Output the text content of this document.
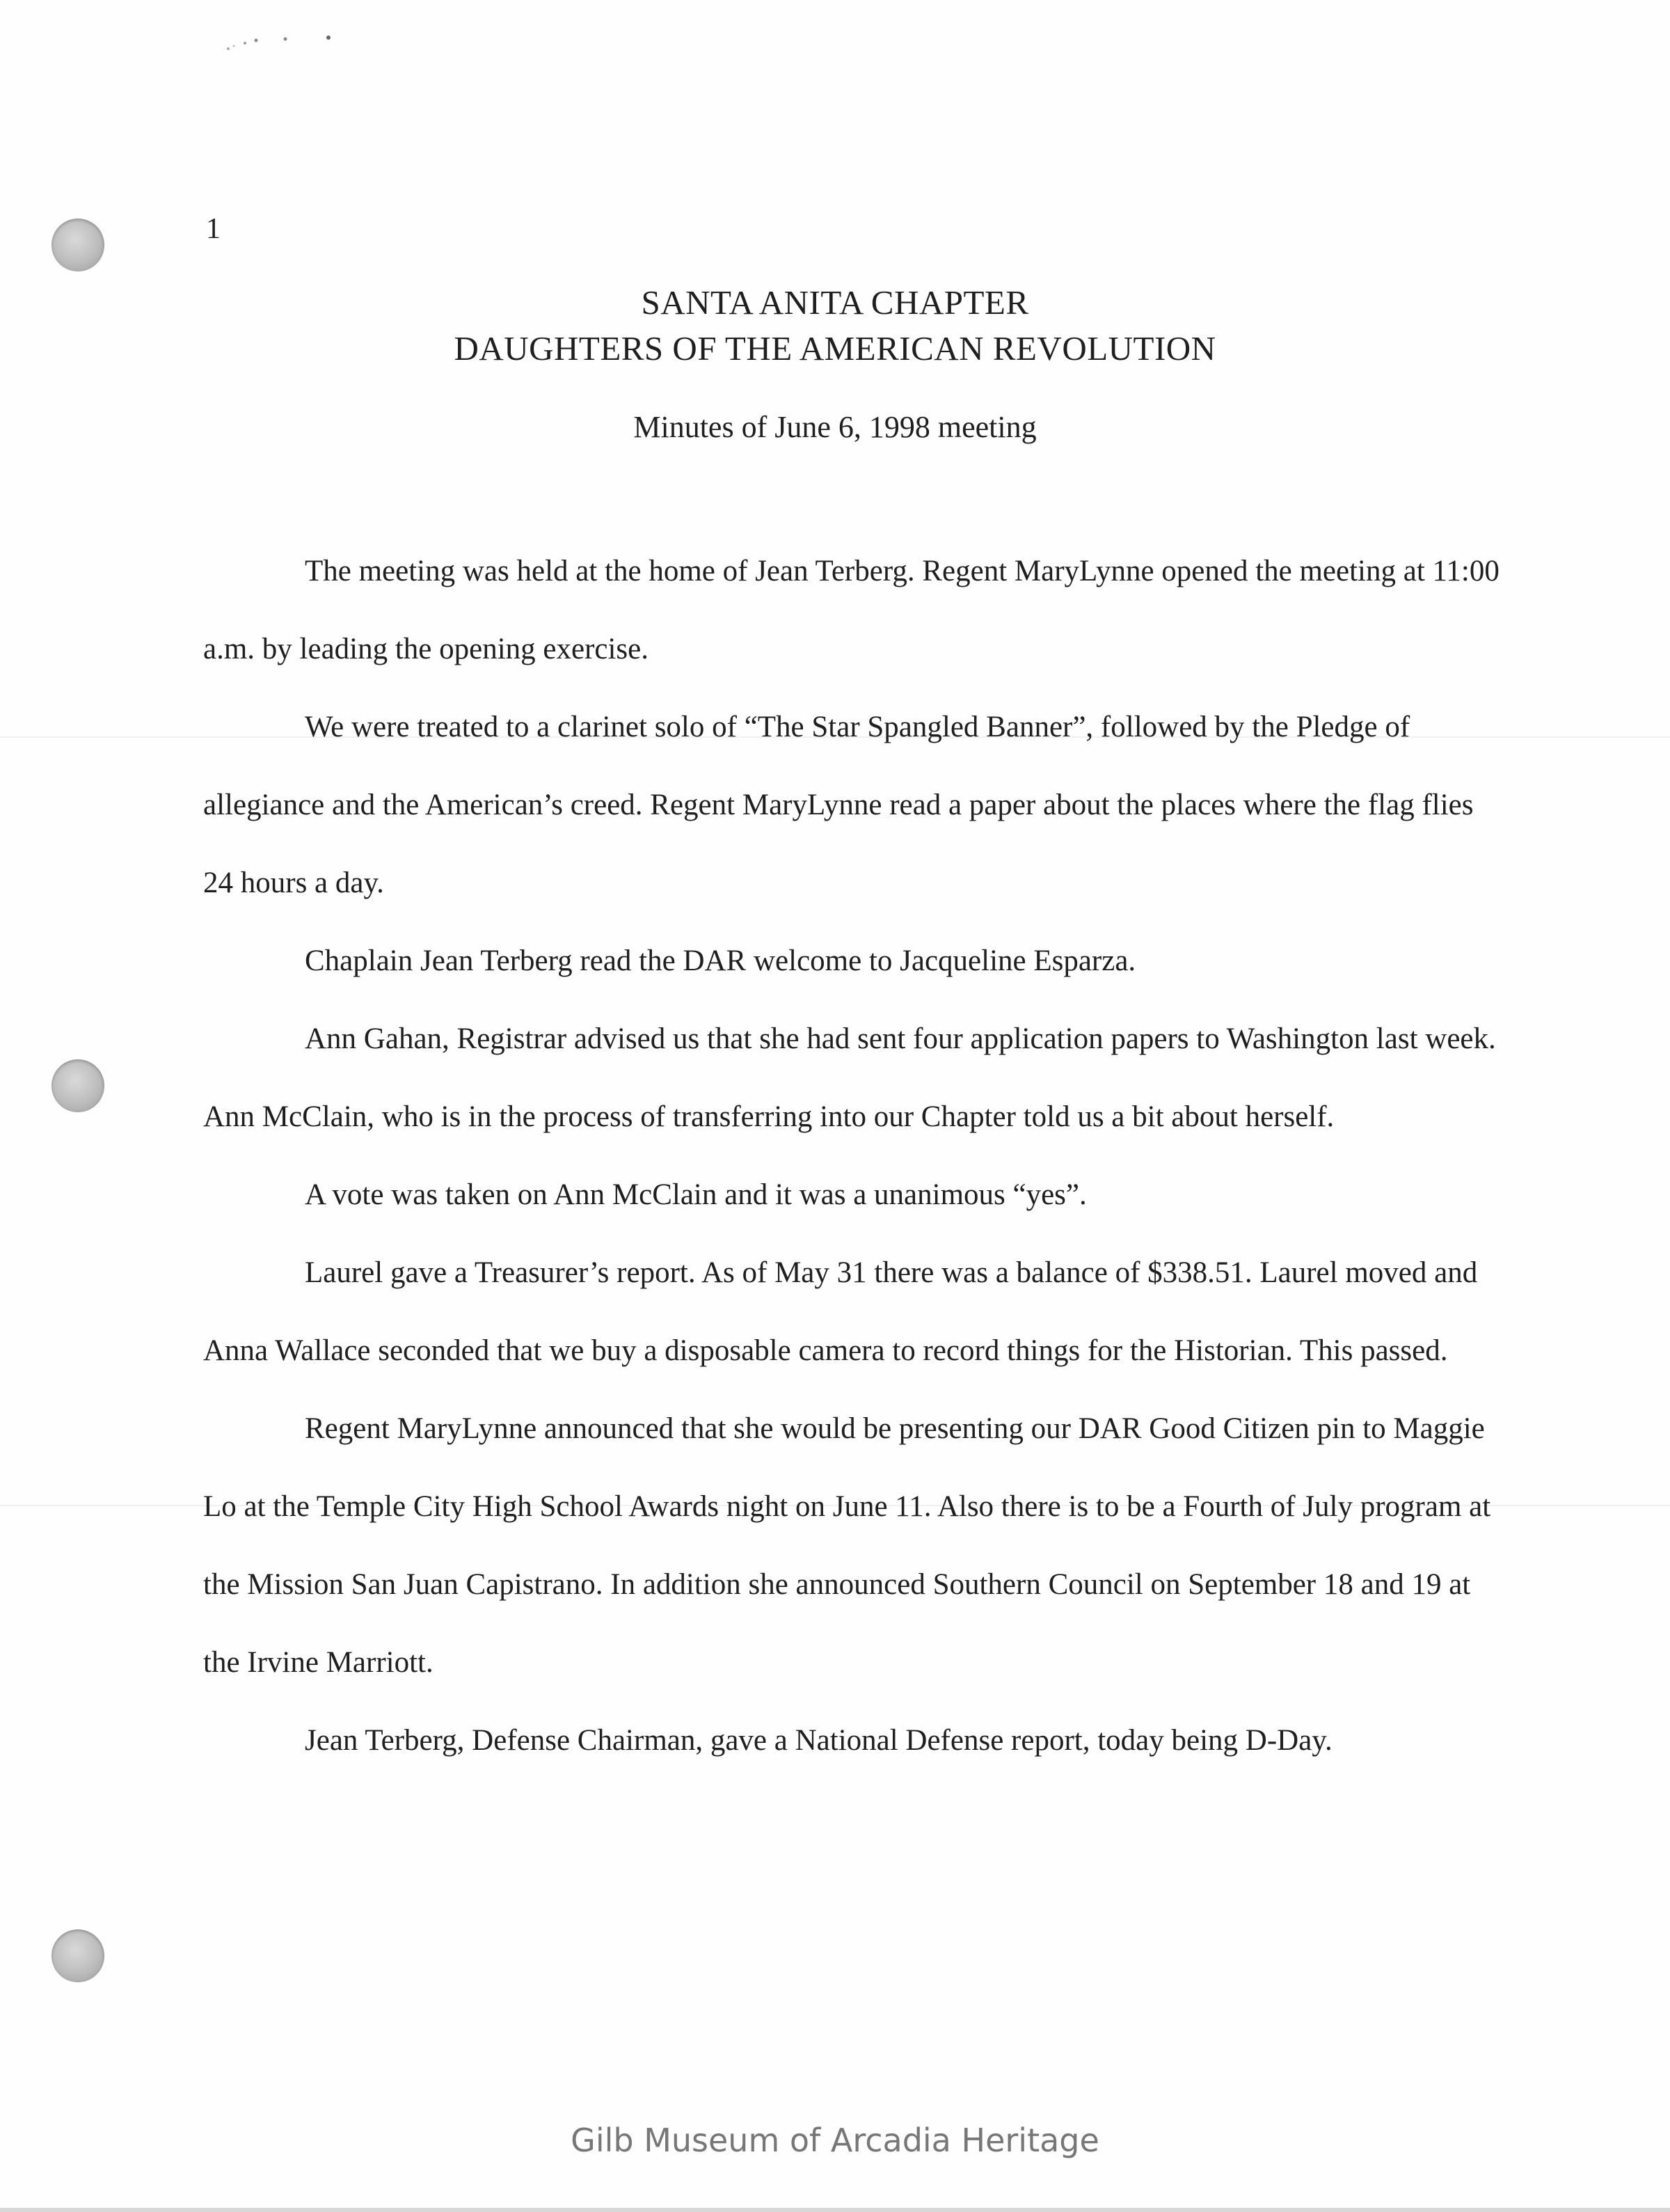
1
SANTA ANITA CHAPTER
DAUGHTERS OF THE AMERICAN REVOLUTION
Minutes of June 6, 1998 meeting

The meeting was held at the home of Jean Terberg. Regent MaryLynne opened the meeting at 11:00 a.m. by leading the opening exercise.

We were treated to a clarinet solo of “The Star Spangled Banner”, followed by the Pledge of allegiance and the American’s creed. Regent MaryLynne read a paper about the places where the flag flies 24 hours a day.

Chaplain Jean Terberg read the DAR welcome to Jacqueline Esparza.

Ann Gahan, Registrar advised us that she had sent four application papers to Washington last week. Ann McClain, who is in the process of transferring into our Chapter told us a bit about herself.

A vote was taken on Ann McClain and it was a unanimous “yes”.

Laurel gave a Treasurer’s report. As of May 31 there was a balance of $338.51. Laurel moved and Anna Wallace seconded that we buy a disposable camera to record things for the Historian. This passed.

Regent MaryLynne announced that she would be presenting our DAR Good Citizen pin to Maggie Lo at the Temple City High School Awards night on June 11. Also there is to be a Fourth of July program at the Mission San Juan Capistrano. In addition she announced Southern Council on September 18 and 19 at the Irvine Marriott.

Jean Terberg, Defense Chairman, gave a National Defense report, today being D-Day.

Gilb Museum of Arcadia Heritage
